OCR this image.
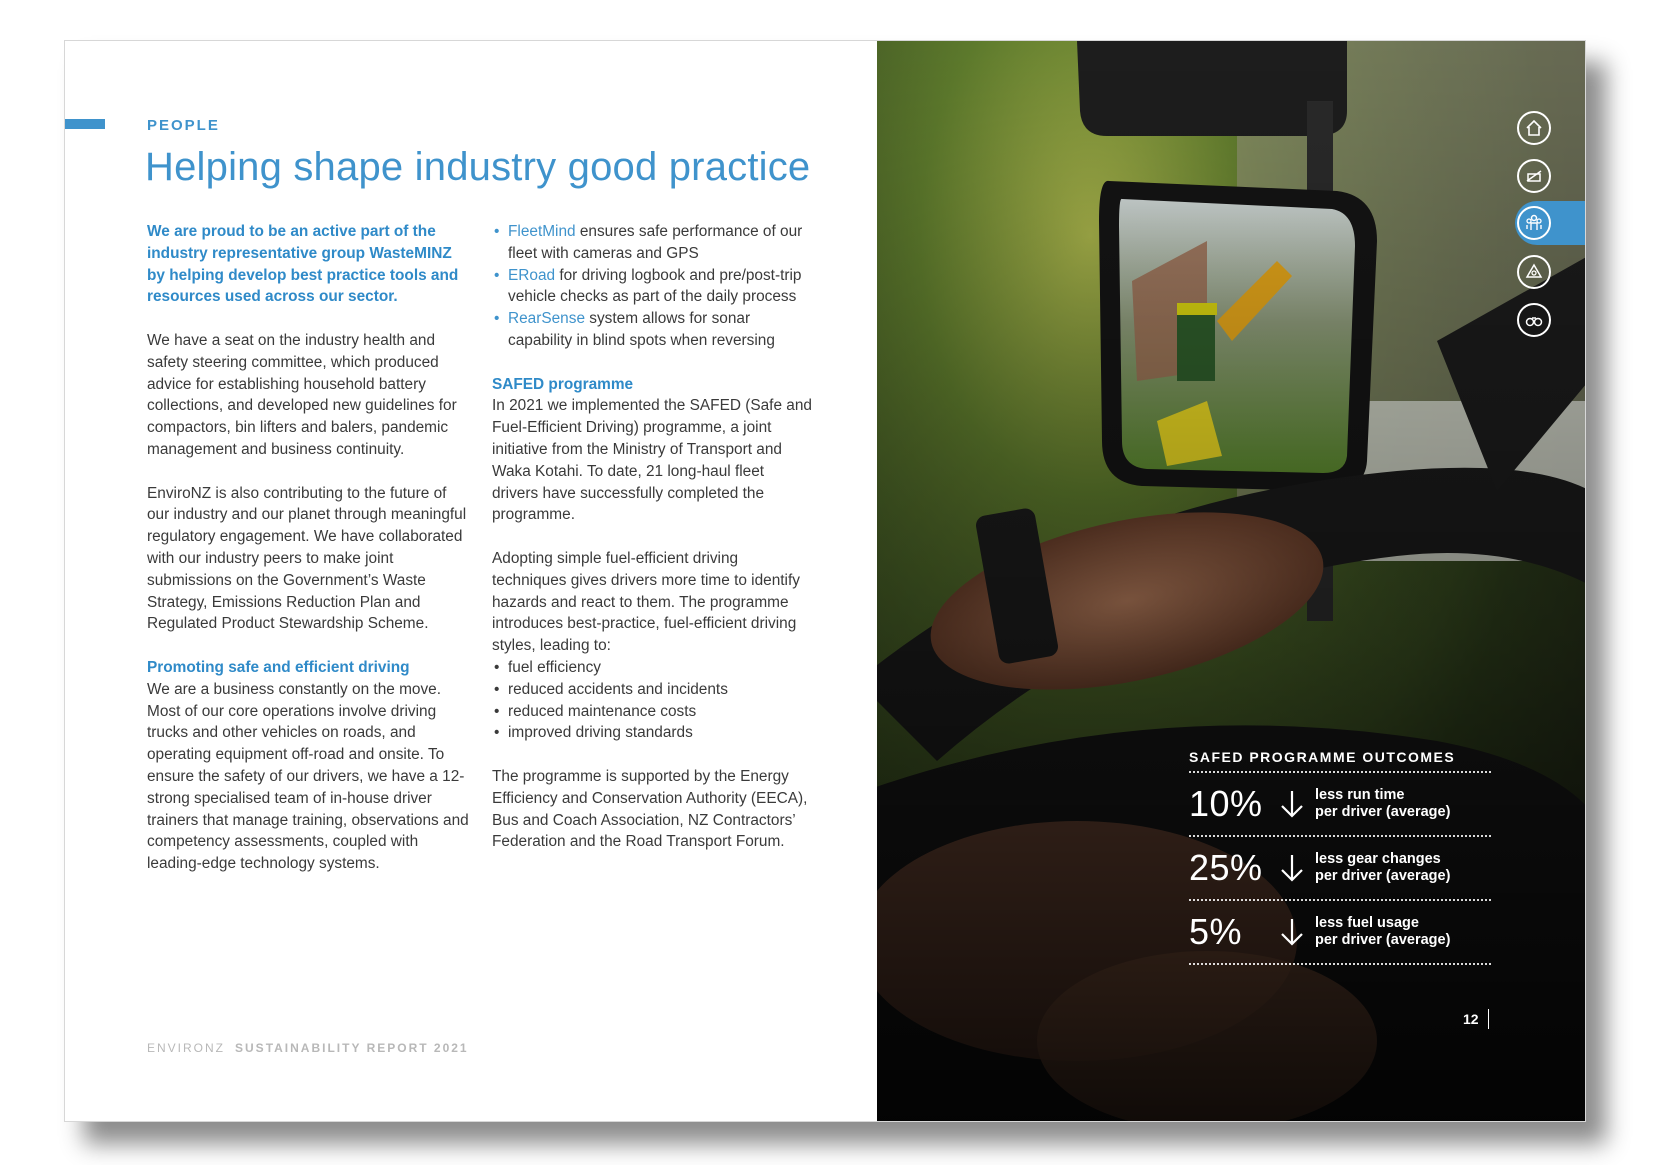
PEOPLE
Helping shape industry good practice

We are proud to be an active part of the industry representative group WasteMINZ by helping develop best practice tools and resources used across our sector.

We have a seat on the industry health and safety steering committee, which produced advice for establishing household battery collections, and developed new guidelines for compactors, bin lifters and balers, pandemic management and business continuity.

EnviroNZ is also contributing to the future of our industry and our planet through meaningful regulatory engagement. We have collaborated with our industry peers to make joint submissions on the Government’s Waste Strategy, Emissions Reduction Plan and Regulated Product Stewardship Scheme.

Promoting safe and efficient driving
We are a business constantly on the move. Most of our core operations involve driving trucks and other vehicles on roads, and operating equipment off-road and onsite. To ensure the safety of our drivers, we have a 12-strong specialised team of in-house driver trainers that manage training, observations and competency assessments, coupled with leading-edge technology systems.

• FleetMind ensures safe performance of our fleet with cameras and GPS
• ERoad for driving logbook and pre/post-trip vehicle checks as part of the daily process
• RearSense system allows for sonar capability in blind spots when reversing

SAFED programme
In 2021 we implemented the SAFED (Safe and Fuel-Efficient Driving) programme, a joint initiative from the Ministry of Transport and Waka Kotahi. To date, 21 long-haul fleet drivers have successfully completed the programme.

Adopting simple fuel-efficient driving techniques gives drivers more time to identify hazards and react to them. The programme introduces best-practice, fuel-efficient driving styles, leading to:

• fuel efficiency
• reduced accidents and incidents
• reduced maintenance costs
• improved driving standards

The programme is supported by the Energy Efficiency and Conservation Authority (EECA), Bus and Coach Association, NZ Contractors’ Federation and the Road Transport Forum.

ENVIRONZ SUSTAINABILITY REPORT 2021
SAFED PROGRAMME OUTCOMES
10%	less run time
per driver (average)
25%	less gear changes
per driver (average)
5%	less fuel usage
per driver (average)
12
